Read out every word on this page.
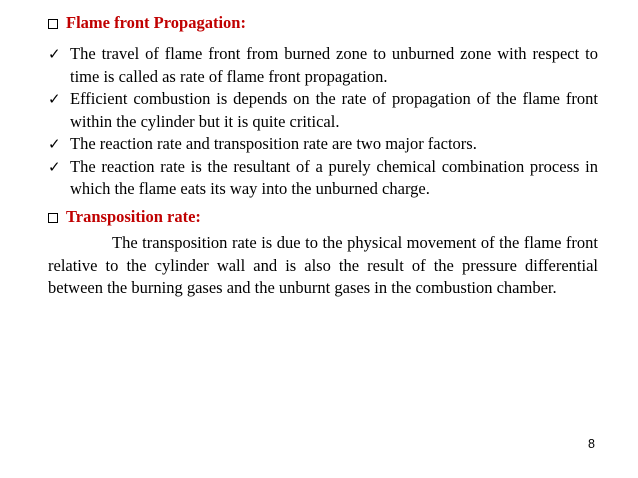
Flame front Propagation:
✓ The travel of flame front from burned zone to unburned zone with respect to time is called as rate of flame front propagation.
✓ Efficient combustion is depends on the rate of propagation of the flame front within the cylinder but it is quite critical.
✓ The reaction rate and transposition rate are two major factors.
✓ The reaction rate is the resultant of a purely chemical combination process in which the flame eats its way into the unburned charge.
Transposition rate:

The transposition rate is due to the physical movement of the flame front relative to the cylinder wall and is also the result of the pressure differential between the burning gases and the unburnt gases in the combustion chamber.

8
